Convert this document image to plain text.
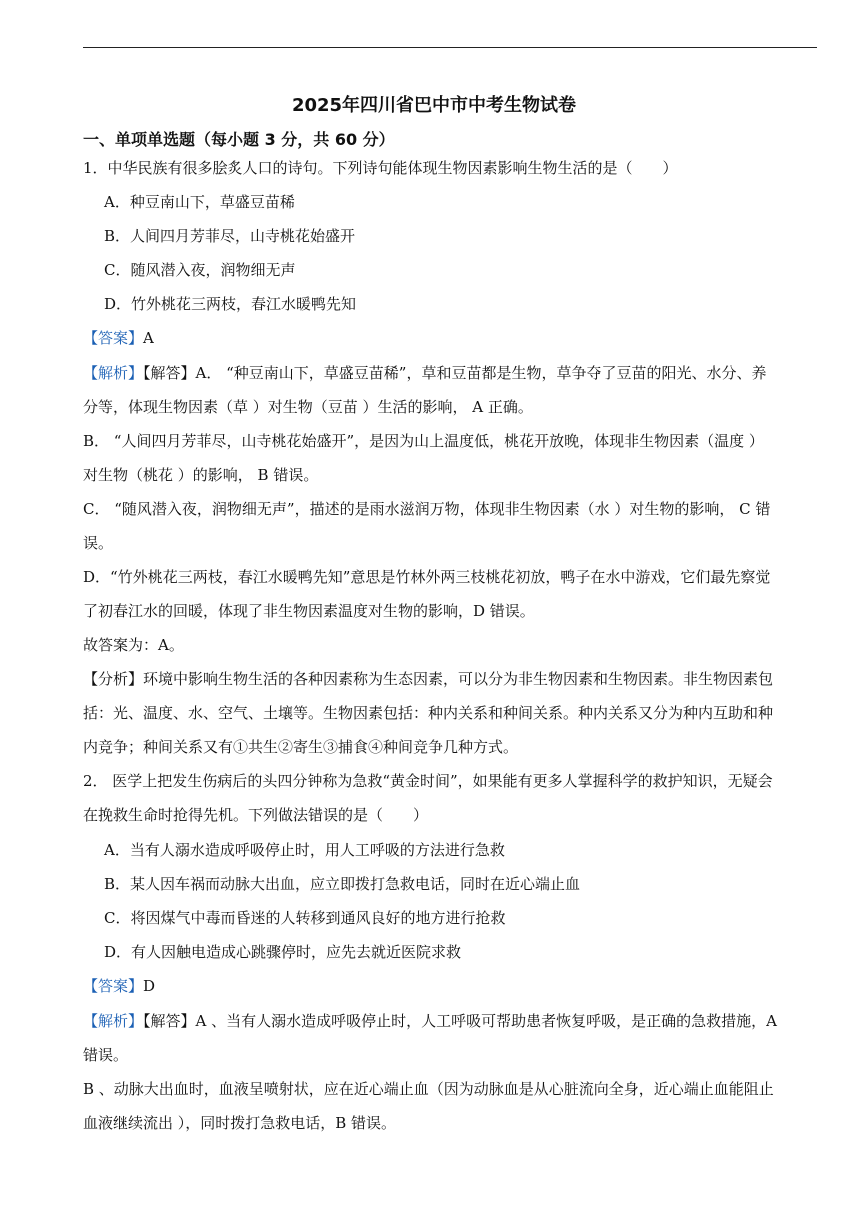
2025年四川省巴中市中考生物试卷
一、单项单选题（每小题 3 分，共 60 分）
1．中华民族有很多脍炙人口的诗句。下列诗句能体现生物因素影响生物生活的是（　　）
A．种豆南山下，草盛豆苗稀
B．人间四月芳菲尽，山寺桃花始盛开
C．随风潜入夜，润物细无声
D．竹外桃花三两枝，春江水暖鸭先知
【答案】A
【解析】【解答】A． “种豆南山下，草盛豆苗稀”，草和豆苗都是生物，草争夺了豆苗的阳光、水分、养
分等，体现生物因素（草 ）对生物（豆苗 ）生活的影响， A 正确。
B． “人间四月芳菲尽，山寺桃花始盛开”，是因为山上温度低，桃花开放晚，体现非生物因素（温度 ）
对生物（桃花 ）的影响， B 错误。
C． “随风潜入夜，润物细无声”，描述的是雨水滋润万物，体现非生物因素（水 ）对生物的影响， C 错
误。
D．“竹外桃花三两枝，春江水暖鸭先知”意思是竹林外两三枝桃花初放，鸭子在水中游戏，它们最先察觉
了初春江水的回暖，体现了非生物因素温度对生物的影响，D 错误。
故答案为：A。
【分析】环境中影响生物生活的各种因素称为生态因素，可以分为非生物因素和生物因素。非生物因素包
括：光、温度、水、空气、土壤等。生物因素包括：种内关系和种间关系。种内关系又分为种内互助和种
内竞争；种间关系又有①共生②寄生③捕食④种间竞争几种方式。
2． 医学上把发生伤病后的头四分钟称为急救“黄金时间”，如果能有更多人掌握科学的救护知识，无疑会
在挽救生命时抢得先机。下列做法错误的是（　　）
A．当有人溺水造成呼吸停止时，用人工呼吸的方法进行急救
B．某人因车祸而动脉大出血，应立即拨打急救电话，同时在近心端止血
C．将因煤气中毒而昏迷的人转移到通风良好的地方进行抢救
D．有人因触电造成心跳骤停时，应先去就近医院求救
【答案】D
【解析】【解答】A 、当有人溺水造成呼吸停止时，人工呼吸可帮助患者恢复呼吸，是正确的急救措施，A
错误。
B 、动脉大出血时，血液呈喷射状，应在近心端止血（因为动脉血是从心脏流向全身，近心端止血能阻止
血液继续流出 ），同时拨打急救电话，B 错误。
